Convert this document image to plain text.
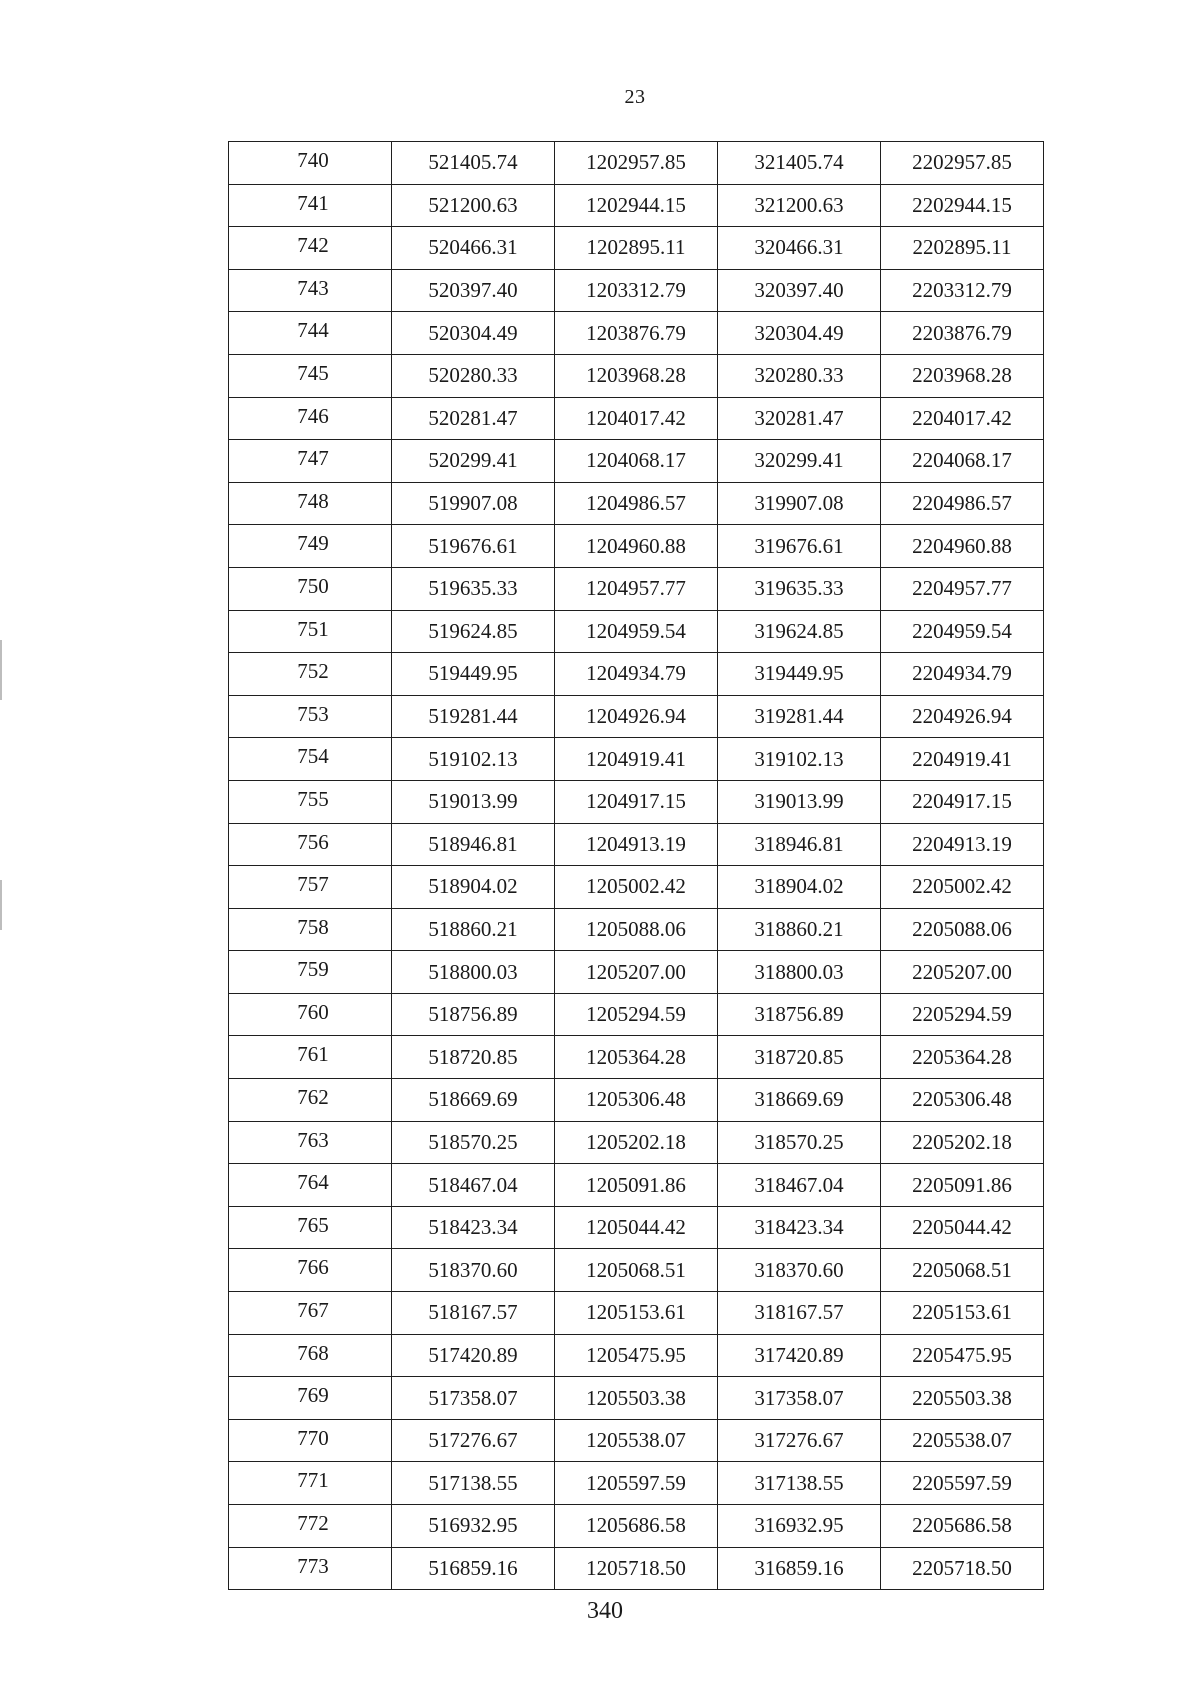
23
740	521405.74	1202957.85	321405.74	2202957.85
741	521200.63	1202944.15	321200.63	2202944.15
742	520466.31	1202895.11	320466.31	2202895.11
743	520397.40	1203312.79	320397.40	2203312.79
744	520304.49	1203876.79	320304.49	2203876.79
745	520280.33	1203968.28	320280.33	2203968.28
746	520281.47	1204017.42	320281.47	2204017.42
747	520299.41	1204068.17	320299.41	2204068.17
748	519907.08	1204986.57	319907.08	2204986.57
749	519676.61	1204960.88	319676.61	2204960.88
750	519635.33	1204957.77	319635.33	2204957.77
751	519624.85	1204959.54	319624.85	2204959.54
752	519449.95	1204934.79	319449.95	2204934.79
753	519281.44	1204926.94	319281.44	2204926.94
754	519102.13	1204919.41	319102.13	2204919.41
755	519013.99	1204917.15	319013.99	2204917.15
756	518946.81	1204913.19	318946.81	2204913.19
757	518904.02	1205002.42	318904.02	2205002.42
758	518860.21	1205088.06	318860.21	2205088.06
759	518800.03	1205207.00	318800.03	2205207.00
760	518756.89	1205294.59	318756.89	2205294.59
761	518720.85	1205364.28	318720.85	2205364.28
762	518669.69	1205306.48	318669.69	2205306.48
763	518570.25	1205202.18	318570.25	2205202.18
764	518467.04	1205091.86	318467.04	2205091.86
765	518423.34	1205044.42	318423.34	2205044.42
766	518370.60	1205068.51	318370.60	2205068.51
767	518167.57	1205153.61	318167.57	2205153.61
768	517420.89	1205475.95	317420.89	2205475.95
769	517358.07	1205503.38	317358.07	2205503.38
770	517276.67	1205538.07	317276.67	2205538.07
771	517138.55	1205597.59	317138.55	2205597.59
772	516932.95	1205686.58	316932.95	2205686.58
773	516859.16	1205718.50	316859.16	2205718.50
340
